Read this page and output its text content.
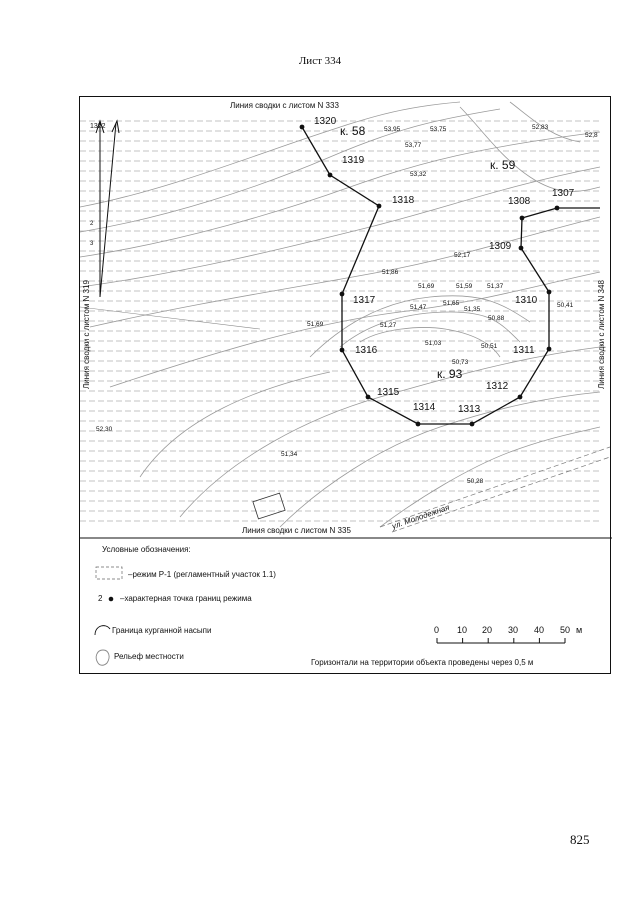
Лист 334
Линия сводки с листом N 333
Линия сводки с листом N 335
Линия сводки с листом N 319	Линия сводки с листом N 348
к. 58
к. 59
к. 93
1320
1319
1318
1317
1316
1315
1314 1313
1312
1311
1310
1309
1308
1307
53,95	53,75
53,77
52,83
52,8
53,32
52,17
51,86
51,69	51,59 51,37
51,47
51,65
51,35
51,27
50,88
50,41
51,69
51,03	50,51
50,73
52,30
51,34
50,28
1322
2
3
ул. Молодежная
Условные обозначения:
–режим Р-1 (регламентный участок 1.1)
2 –характерная точка границ режима
Граница курганной насыпи
Рельеф местности
0 10 20 30 40 50 м
Горизонтали на территории объекта проведены через 0,5 м
825
